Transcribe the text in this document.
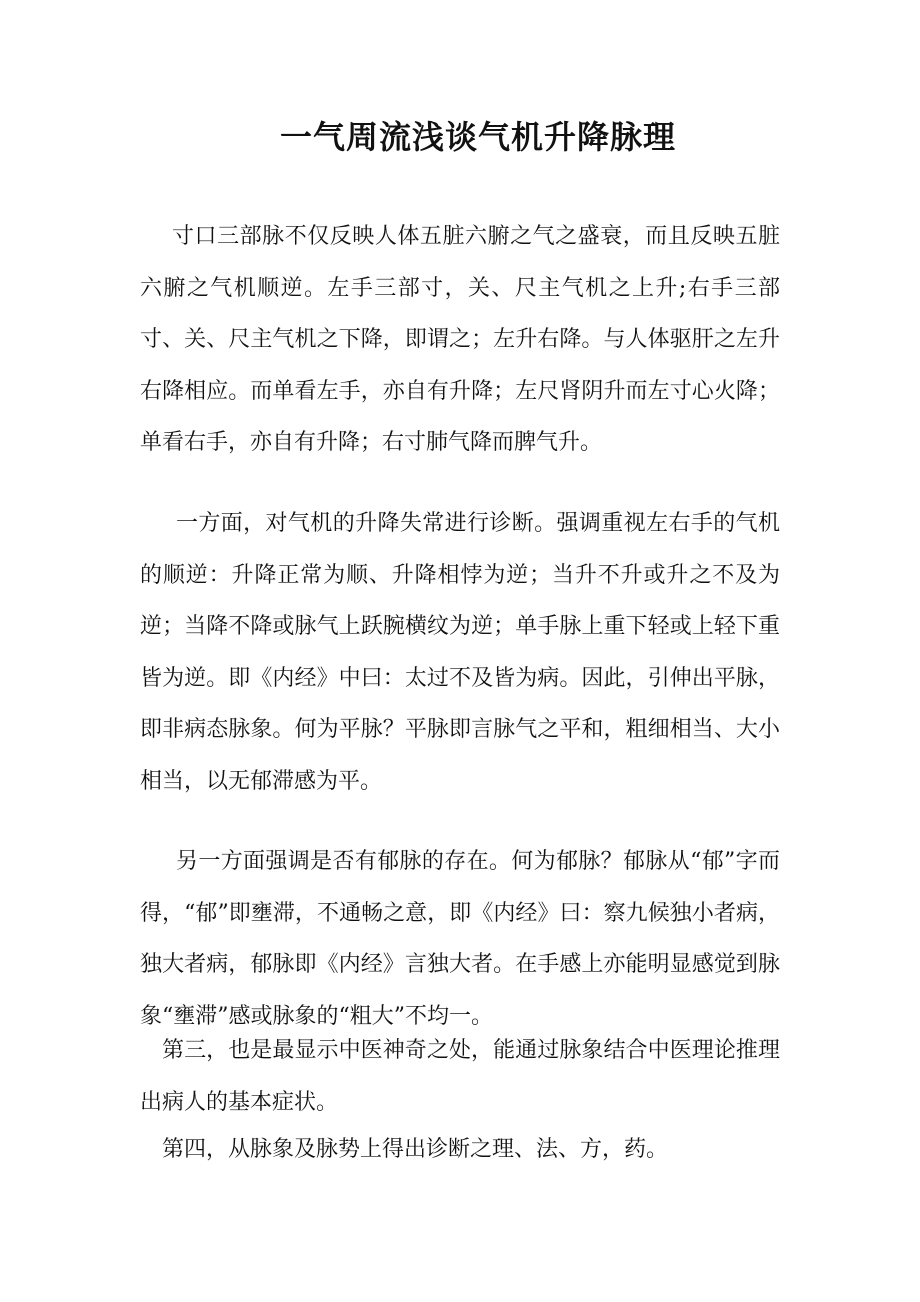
一气周流浅谈气机升降脉理

寸口三部脉不仅反映人体五脏六腑之气之盛衰，而且反映五脏六腑之气机顺逆。左手三部寸，关、尺主气机之上升;右手三部寸、关、尺主气机之下降，即谓之；左升右降。与人体驱肝之左升右降相应。而单看左手，亦自有升降；左尺肾阴升而左寸心火降；单看右手，亦自有升降；右寸肺气降而脾气升。

一方面，对气机的升降失常进行诊断。强调重视左右手的气机的顺逆：升降正常为顺、升降相悖为逆；当升不升或升之不及为逆；当降不降或脉气上跃腕横纹为逆；单手脉上重下轻或上轻下重皆为逆。即《内经》中曰：太过不及皆为病。因此，引伸出平脉，即非病态脉象。何为平脉？平脉即言脉气之平和，粗细相当、大小相当，以无郁滞感为平。

另一方面强调是否有郁脉的存在。何为郁脉？郁脉从“郁”字而得，“郁”即壅滞，不通畅之意，即《内经》曰：察九候独小者病，独大者病，郁脉即《内经》言独大者。在手感上亦能明显感觉到脉象“壅滞”感或脉象的“粗大”不均一。

第三，也是最显示中医神奇之处，能通过脉象结合中医理论推理出病人的基本症状。

第四，从脉象及脉势上得出诊断之理、法、方，药。
